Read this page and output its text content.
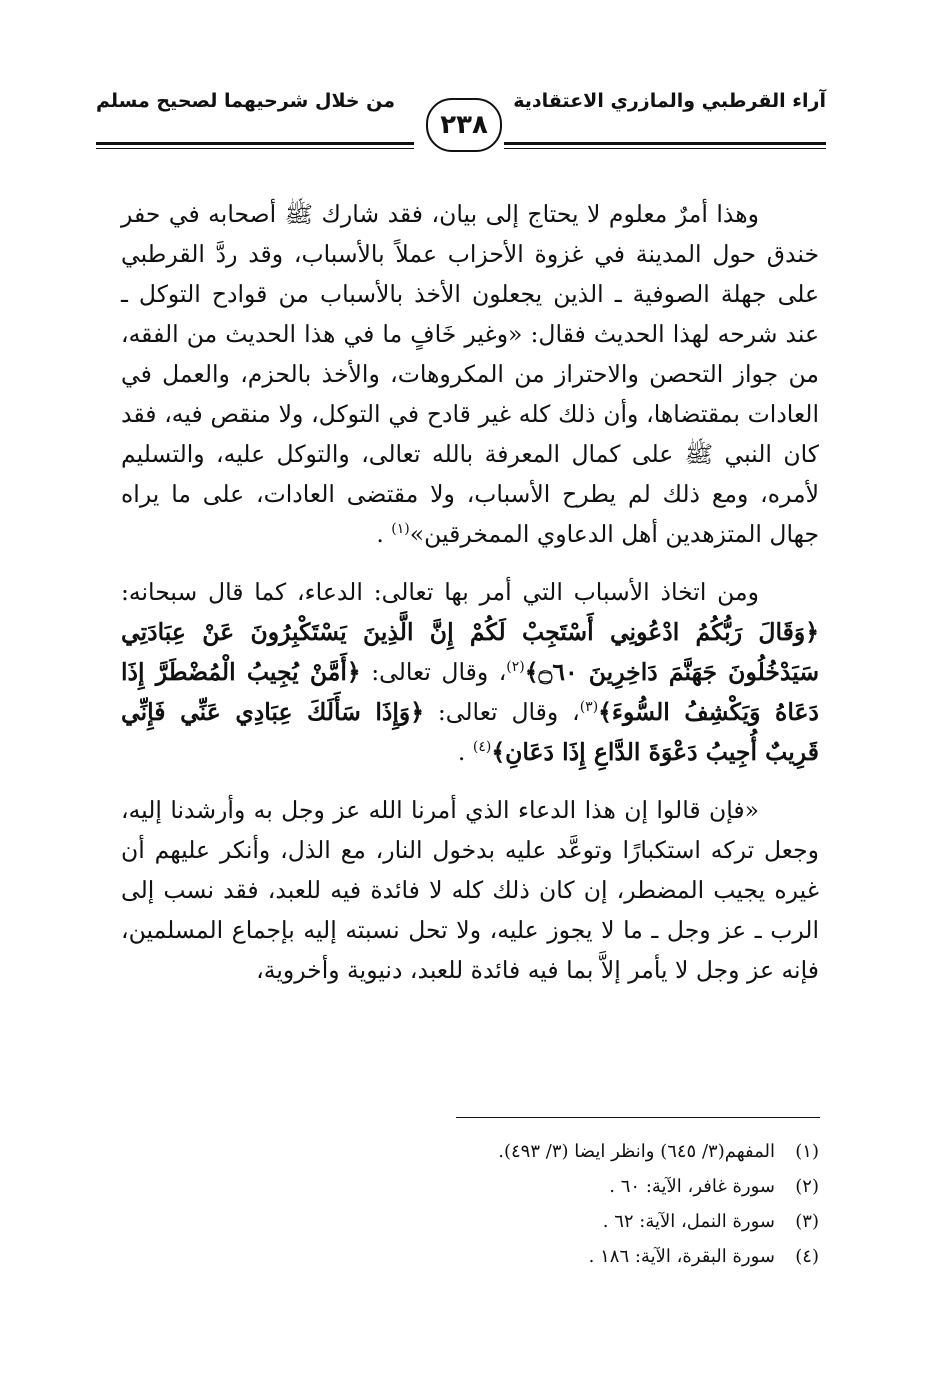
آراء القرطبي والمازري الاعتقادية
من خلال شرحيهما لصحيح مسلم
٢٣٨

وهذا أمرٌ معلوم لا يحتاج إلى بيان، فقد شارك ﷺ أصحابه في حفر خندق حول المدينة في غزوة الأحزاب عملاً بالأسباب، وقد ردَّ القرطبي على جهلة الصوفية ـ الذين يجعلون الأخذ بالأسباب من قوادح التوكل ـ عند شرحه لهذا الحديث فقال: «وغير خَافٍ ما في هذا الحديث من الفقه، من جواز التحصن والاحتراز من المكروهات، والأخذ بالحزم، والعمل في العادات بمقتضاها، وأن ذلك كله غير قادح في التوكل، ولا منقص فيه، فقد كان النبي ﷺ على كمال المعرفة بالله تعالى، والتوكل عليه، والتسليم لأمره، ومع ذلك لم يطرح الأسباب، ولا مقتضى العادات، على ما يراه جهال المتزهدين أهل الدعاوي الممخرقين»$^{(١)}$ .

ومن اتخاذ الأسباب التي أمر بها تعالى: الدعاء، كما قال سبحانه: ﴿وَقَالَ رَبُّكُمُ ادْعُونِي أَسْتَجِبْ لَكُمْ إِنَّ الَّذِينَ يَسْتَكْبِرُونَ عَنْ عِبَادَتِي سَيَدْخُلُونَ جَهَنَّمَ دَاخِرِينَ ۝٦٠﴾$^{(٢)}$، وقال تعالى: ﴿أَمَّنْ يُجِيبُ الْمُضْطَرَّ إِذَا دَعَاهُ وَيَكْشِفُ السُّوءَ﴾$^{(٣)}$، وقال تعالى: ﴿وَإِذَا سَأَلَكَ عِبَادِي عَنِّي فَإِنِّي قَرِيبٌ أُجِيبُ دَعْوَةَ الدَّاعِ إِذَا دَعَانِ﴾$^{(٤)}$ .

«فإن قالوا إن هذا الدعاء الذي أمرنا الله عز وجل به وأرشدنا إليه، وجعل تركه استكبارًا وتوعَّد عليه بدخول النار، مع الذل، وأنكر عليهم أن غيره يجيب المضطر، إن كان ذلك كله لا فائدة فيه للعبد، فقد نسب إلى الرب ـ عز وجل ـ ما لا يجوز عليه، ولا تحل نسبته إليه بإجماع المسلمين، فإنه عز وجل لا يأمر إلاَّ بما فيه فائدة للعبد، دنيوية وأخروية،

(١)المفهم(٣/ ٦٤٥) وانظر ايضا (٣/ ٤٩٣).
(٢)سورة غافر، الآية: ٦٠ .
(٣)سورة النمل، الآية: ٦٢ .
(٤)سورة البقرة، الآية: ١٨٦ .
